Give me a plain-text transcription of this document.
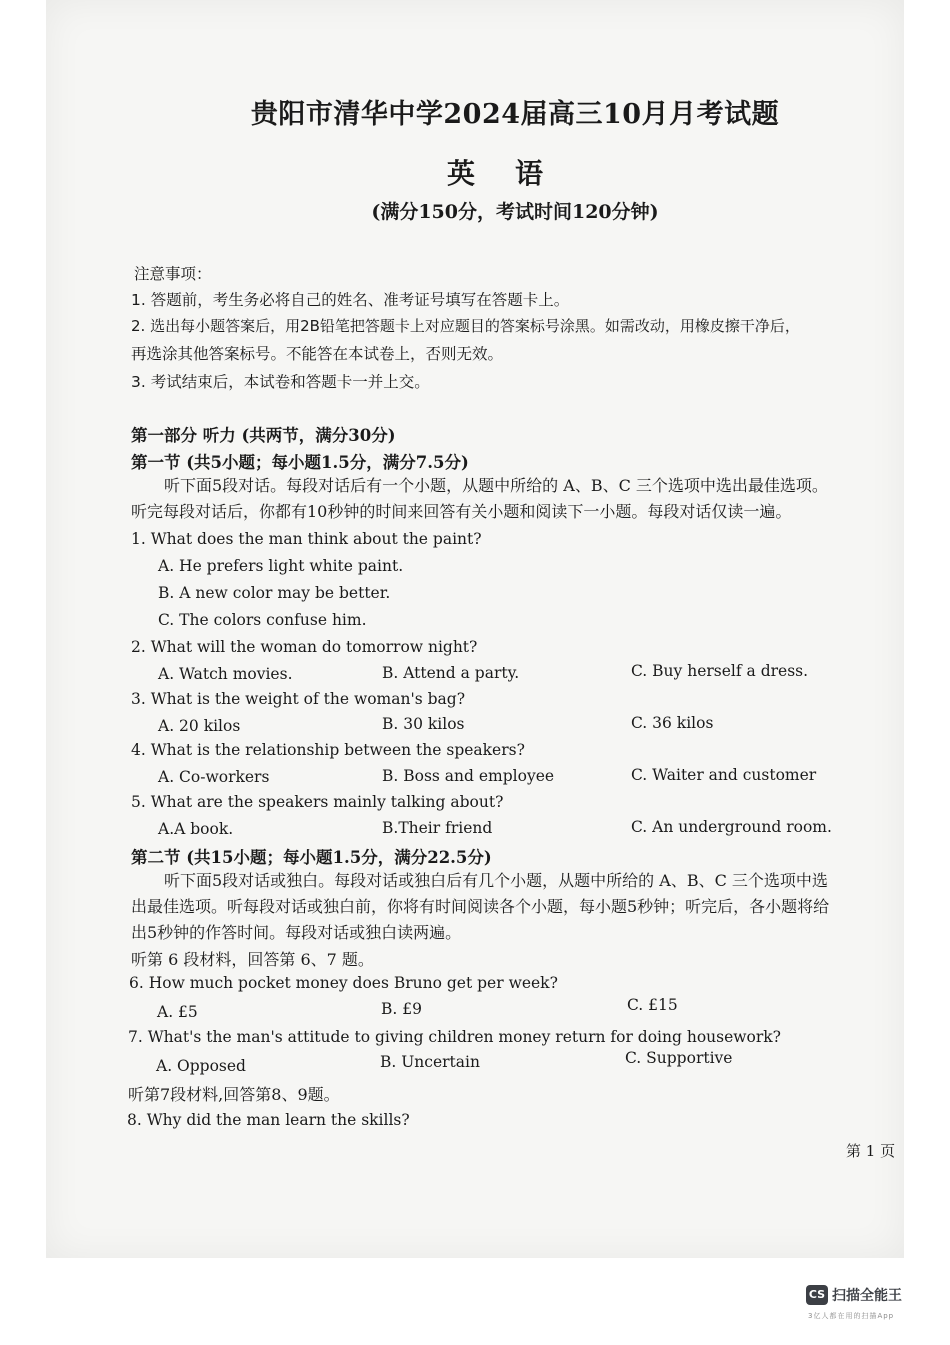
贵阳市清华中学2024届高三10月月考试题
英语
(满分150分，考试时间120分钟)
注意事项：
1. 答题前，考生务必将自己的姓名、准考证号填写在答题卡上。
2. 选出每小题答案后，用2B铅笔把答题卡上对应题目的答案标号涂黑。如需改动，用橡皮擦干净后，
再选涂其他答案标号。不能答在本试卷上，否则无效。
3. 考试结束后，本试卷和答题卡一并上交。
第一部分 听力 (共两节，满分30分)
第一节 (共5小题；每小题1.5分，满分7.5分)
听下面5段对话。每段对话后有一个小题，从题中所给的 A、B、C 三个选项中选出最佳选项。
听完每段对话后，你都有10秒钟的时间来回答有关小题和阅读下一小题。每段对话仅读一遍。
1. What does the man think about the paint?
A. He prefers light white paint.
B. A new color may be better.
C. The colors confuse him.
2. What will the woman do tomorrow night?
A. Watch movies.	B. Attend a party.	C. Buy herself a dress.
3. What is the weight of the woman's bag?
A. 20 kilos	B. 30 kilos	C. 36 kilos
4. What is the relationship between the speakers?
A. Co-workers	B. Boss and employee	C. Waiter and customer
5. What are the speakers mainly talking about?
A.A book.	B.Their friend	C. An underground room.
第二节 (共15小题；每小题1.5分，满分22.5分)
听下面5段对话或独白。每段对话或独白后有几个小题，从题中所给的 A、B、C 三个选项中选
出最佳选项。听每段对话或独白前，你将有时间阅读各个小题，每小题5秒钟；听完后，各小题将给
出5秒钟的作答时间。每段对话或独白读两遍。
听第 6 段材料，回答第 6、7 题。
6. How much pocket money does Bruno get per week?
A. £5	B. £9	C. £15
7. What's the man's attitude to giving children money return for doing housework?
A. Opposed	B. Uncertain	C. Supportive
听第7段材料,回答第8、9题。
8. Why did the man learn the skills?
第 1 页
CS 扫描全能王
3亿人都在用的扫描App
